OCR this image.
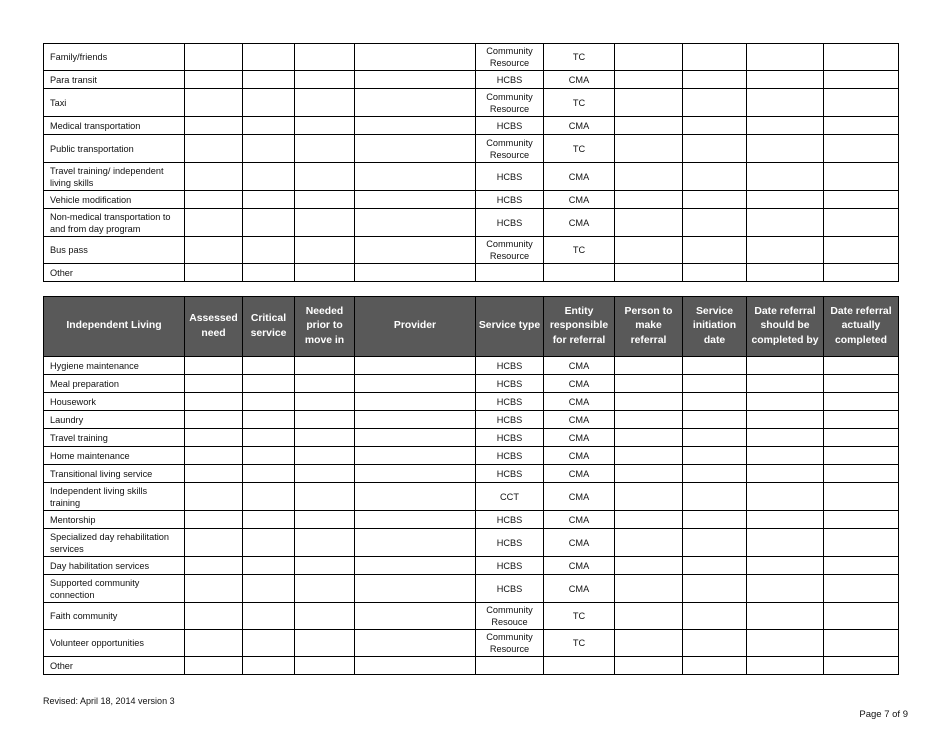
Family/friends					Community Resource	TC				
Para transit					HCBS	CMA				
Taxi					Community Resource	TC				
Medical transportation					HCBS	CMA				
Public transportation					Community Resource	TC				
Travel training/ independent living skills					HCBS	CMA				
Vehicle modification					HCBS	CMA				
Non-medical transportation to and from day program					HCBS	CMA				
Bus pass					Community Resource	TC				
Other										
Independent Living	Assessed need	Critical service	Needed prior to move in	Provider	Service type	Entity responsible for referral	Person to make referral	Service initiation date	Date referral should be completed by	Date referral actually completed
Hygiene maintenance					HCBS	CMA				
Meal preparation					HCBS	CMA				
Housework					HCBS	CMA				
Laundry					HCBS	CMA				
Travel training					HCBS	CMA				
Home maintenance					HCBS	CMA				
Transitional living service					HCBS	CMA				
Independent living skills training					CCT	CMA				
Mentorship					HCBS	CMA				
Specialized day rehabilitation services					HCBS	CMA				
Day habilitation services					HCBS	CMA				
Supported community connection					HCBS	CMA				
Faith community					Community Resouce	TC				
Volunteer opportunities					Community Resource	TC				
Other										
Revised: April 18, 2014 version 3
Page 7 of 9
